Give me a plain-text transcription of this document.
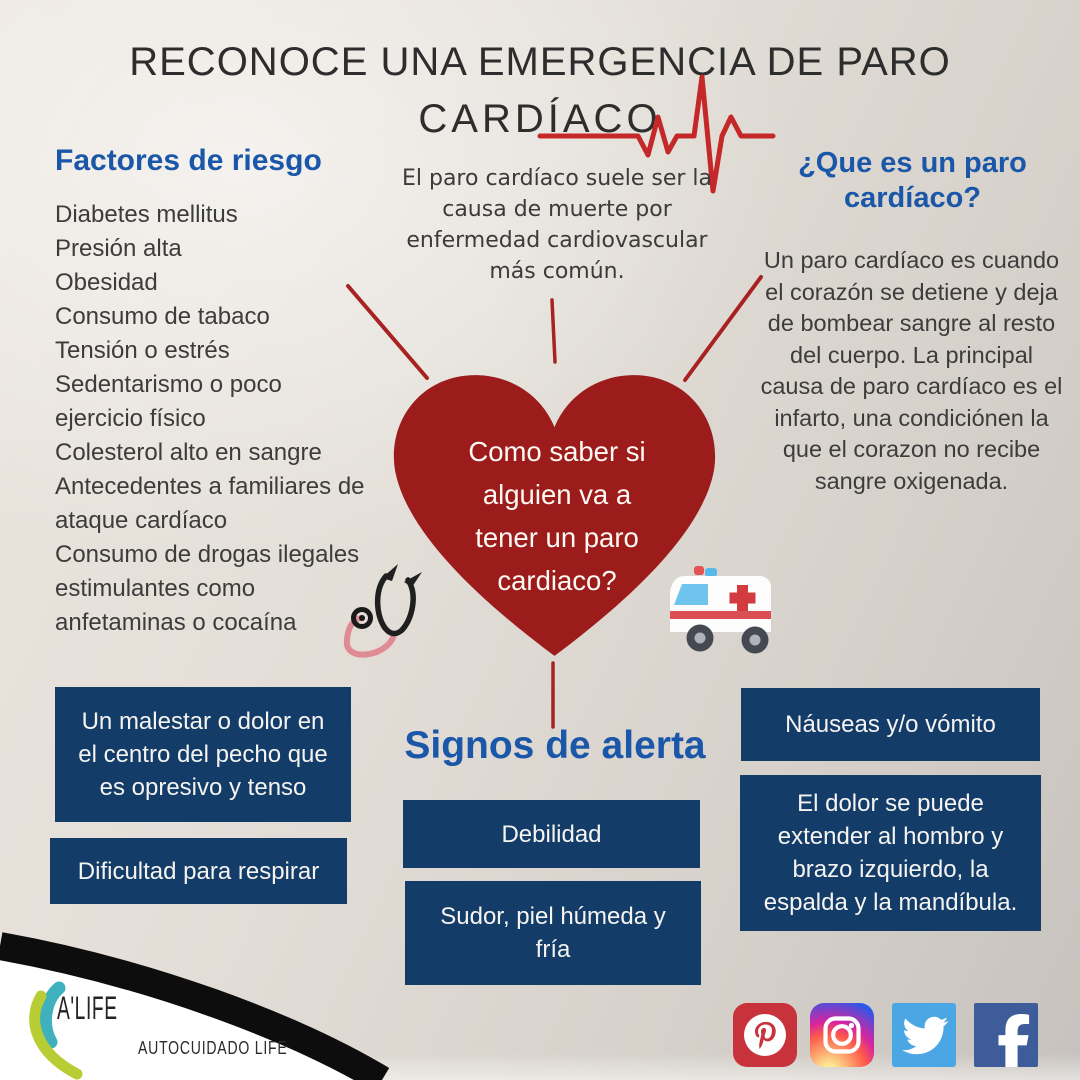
RECONOCE UNA EMERGENCIA DE PARO
CARDÍACO
Factores de riesgo
Diabetes mellitus
Presión alta
Obesidad
Consumo de tabaco
Tensión o estrés
Sedentarismo o poco ejercicio físico
Colesterol alto en sangre
Antecedentes a familiares de ataque cardíaco
Consumo de drogas ilegales estimulantes como anfetaminas o cocaína
El paro cardíaco suele ser la causa de muerte por enfermedad cardiovascular más común.
¿Que es un paro cardíaco?
Un paro cardíaco es cuando el corazón se detiene y deja de bombear sangre al resto del cuerpo. La principal causa de paro cardíaco es el infarto, una condiciónen la que el corazon no recibe sangre oxigenada.
Como saber si
alguien va a
tener un paro
cardiaco?
Signos de alerta
Un malestar o dolor en el centro del pecho que es opresivo y tenso
Dificultad para respirar
Debilidad
Sudor, piel húmeda y fría
Náuseas y/o vómito
El dolor se puede extender al hombro y brazo izquierdo, la espalda y la mandíbula.
A'LIFE
AUTOCUIDADO LIFE
